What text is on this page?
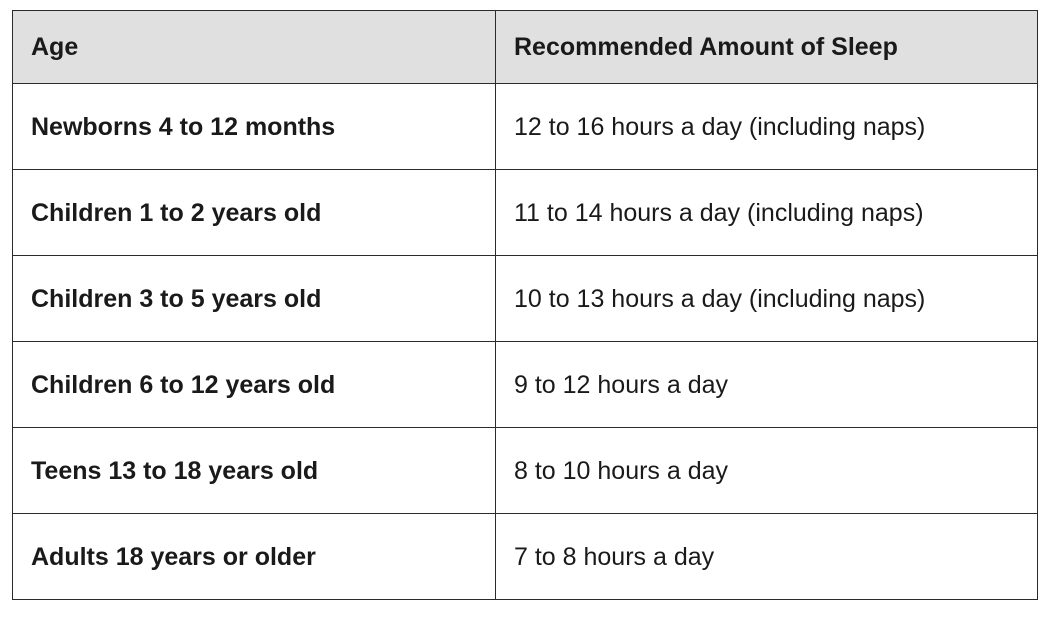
Age	Recommended Amount of Sleep
Newborns 4 to 12 months	12 to 16 hours a day (including naps)
Children 1 to 2 years old	11 to 14 hours a day (including naps)
Children 3 to 5 years old	10 to 13 hours a day (including naps)
Children 6 to 12 years old	9 to 12 hours a day
Teens 13 to 18 years old	8 to 10 hours a day
Adults 18 years or older	7 to 8 hours a day
